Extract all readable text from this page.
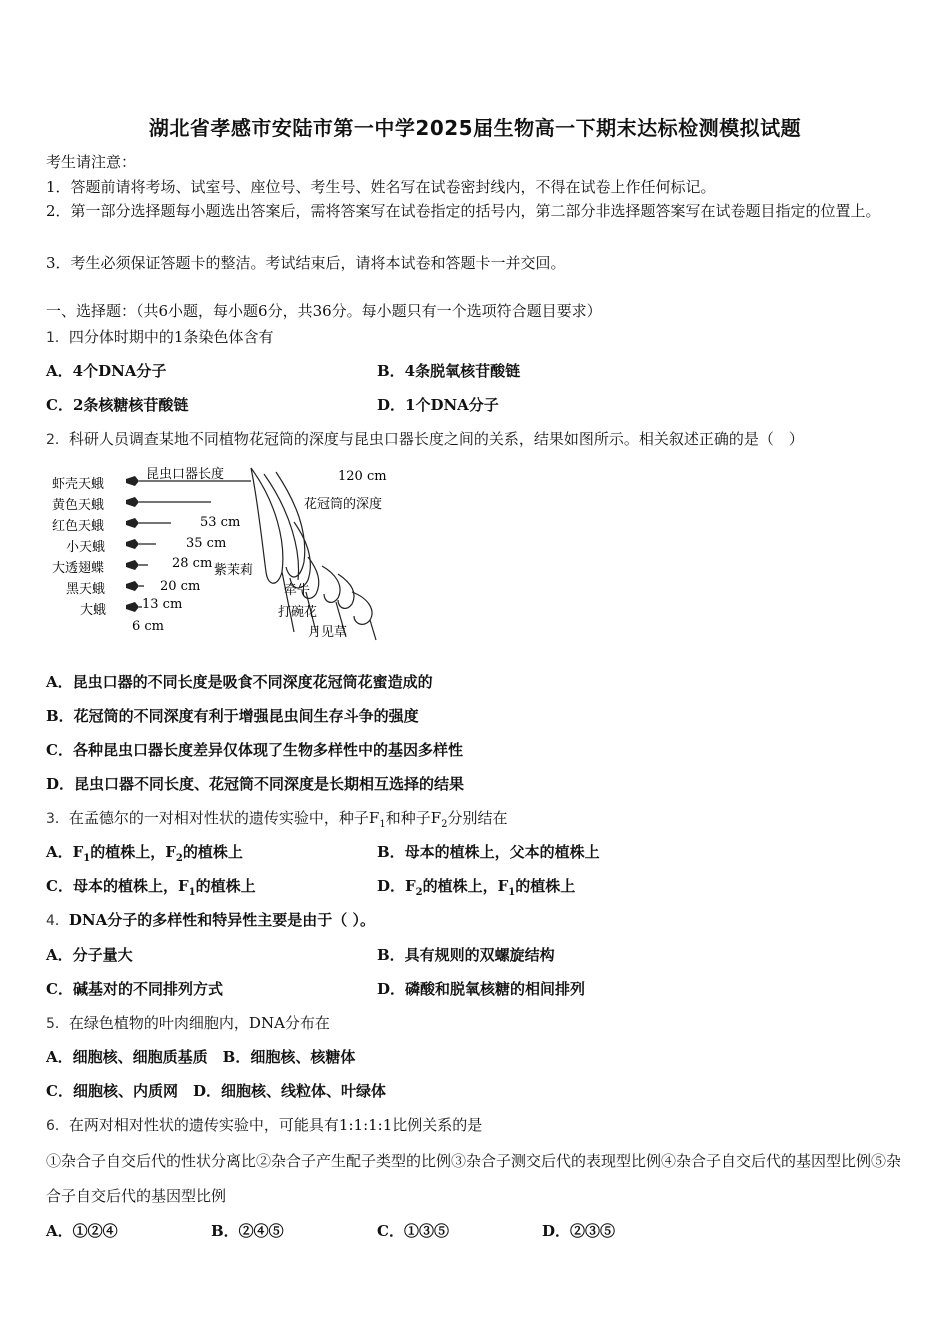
湖北省孝感市安陆市第一中学2025届生物高一下期末达标检测模拟试题
考生请注意：
1．答题前请将考场、试室号、座位号、考生号、姓名写在试卷密封线内，不得在试卷上作任何标记。
2．第一部分选择题每小题选出答案后，需将答案写在试卷指定的括号内，第二部分非选择题答案写在试卷题目指定的位置上。
3．考生必须保证答题卡的整洁。考试结束后，请将本试卷和答题卡一并交回。
一、选择题：（共6小题，每小题6分，共36分。每小题只有一个选项符合题目要求）
1．四分体时期中的1条染色体含有
A．4个DNA分子	B．4条脱氧核苷酸链
C．2条核糖核苷酸链	D．1个DNA分子
2．科研人员调查某地不同植物花冠筒的深度与昆虫口器长度之间的关系，结果如图所示。相关叙述正确的是（　）
虾壳天蛾
黄色天蛾
红色天蛾
小天蛾
大透翅蝶
黑天蛾
大蛾
昆虫口器长度
花冠筒的深度
120 cm
53 cm
35 cm
28 cm
20 cm
13 cm
6 cm
紫茉莉
牵牛
打碗花
月见草
A．昆虫口器的不同长度是吸食不同深度花冠筒花蜜造成的
B．花冠筒的不同深度有利于增强昆虫间生存斗争的强度
C．各种昆虫口器长度差异仅体现了生物多样性中的基因多样性
D．昆虫口器不同长度、花冠筒不同深度是长期相互选择的结果
3．在孟德尔的一对相对性状的遗传实验中，种子$F_1$和种子$F_2$分别结在
A．$F_1$的植株上，$F_2$的植株上	B．母本的植株上，父本的植株上
C．母本的植株上，$F_1$的植株上	D．$F_2$的植株上，$F_1$的植株上
4．DNA分子的多样性和特异性主要是由于（ ）。
A．分子量大	B．具有规则的双螺旋结构
C．碱基对的不同排列方式	D．磷酸和脱氧核糖的相间排列
5．在绿色植物的叶肉细胞内，DNA分布在
A．细胞核、细胞质基质　B．细胞核、核糖体
C．细胞核、内质网　D．细胞核、线粒体、叶绿体
6．在两对相对性状的遗传实验中，可能具有1:1:1:1比例关系的是
①杂合子自交后代的性状分离比②杂合子产生配子类型的比例③杂合子测交后代的表现型比例④杂合子自交后代的基因型比例⑤杂合子自交后代的基因型比例
A．①②④	B．②④⑤	C．①③⑤	D．②③⑤
